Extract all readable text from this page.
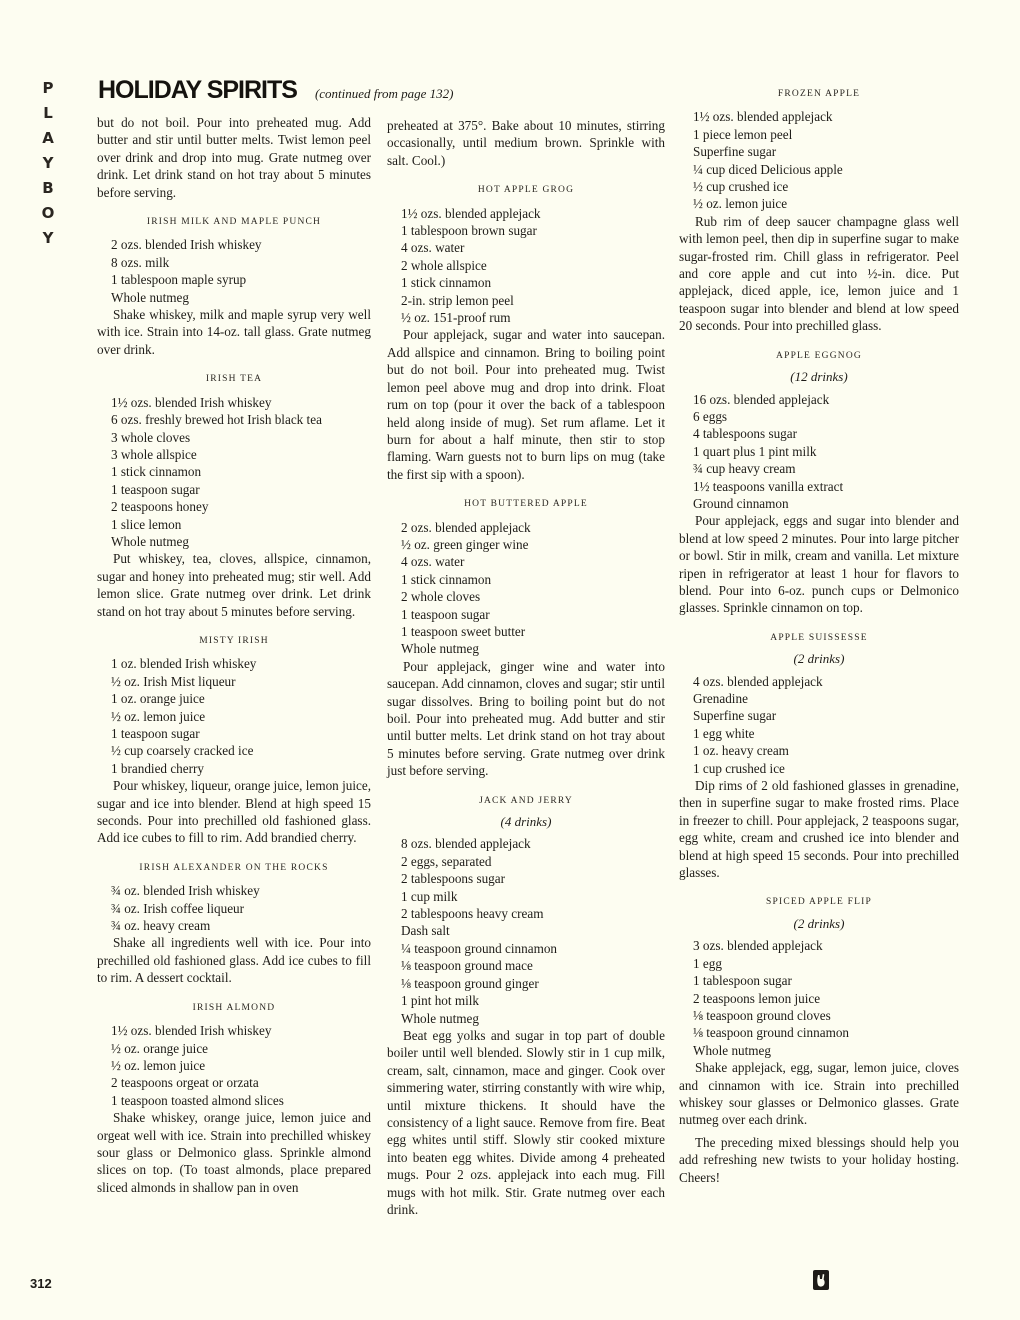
P
L
A
Y
B
O
Y
HOLIDAY SPIRITS (continued from page 132)

but do not boil. Pour into preheated mug. Add butter and stir until butter melts. Twist lemon peel over drink and drop into mug. Grate nutmeg over drink. Let drink stand on hot tray about 5 minutes before serving.

IRISH MILK AND MAPLE PUNCH
2 ozs. blended Irish whiskey
8 ozs. milk
1 tablespoon maple syrup
Whole nutmeg

Shake whiskey, milk and maple syrup very well with ice. Strain into 14-oz. tall glass. Grate nutmeg over drink.

IRISH TEA
1½ ozs. blended Irish whiskey
6 ozs. freshly brewed hot Irish black tea
3 whole cloves
3 whole allspice
1 stick cinnamon
1 teaspoon sugar
2 teaspoons honey
1 slice lemon
Whole nutmeg

Put whiskey, tea, cloves, allspice, cinnamon, sugar and honey into preheated mug; stir well. Add lemon slice. Grate nutmeg over drink. Let drink stand on hot tray about 5 minutes before serving.

MISTY IRISH
1 oz. blended Irish whiskey
½ oz. Irish Mist liqueur
1 oz. orange juice
½ oz. lemon juice
1 teaspoon sugar
½ cup coarsely cracked ice
1 brandied cherry

Pour whiskey, liqueur, orange juice, lemon juice, sugar and ice into blender. Blend at high speed 15 seconds. Pour into prechilled old fashioned glass. Add ice cubes to fill to rim. Add brandied cherry.

IRISH ALEXANDER ON THE ROCKS
¾ oz. blended Irish whiskey
¾ oz. Irish coffee liqueur
¾ oz. heavy cream

Shake all ingredients well with ice. Pour into prechilled old fashioned glass. Add ice cubes to fill to rim. A dessert cocktail.

IRISH ALMOND
1½ ozs. blended Irish whiskey
½ oz. orange juice
½ oz. lemon juice
2 teaspoons orgeat or orzata
1 teaspoon toasted almond slices

Shake whiskey, orange juice, lemon juice and orgeat well with ice. Strain into prechilled whiskey sour glass or Delmonico glass. Sprinkle almond slices on top. (To toast almonds, place prepared sliced almonds in shallow pan in oven

preheated at 375°. Bake about 10 minutes, stirring occasionally, until medium brown. Sprinkle with salt. Cool.)

HOT APPLE GROG
1½ ozs. blended applejack
1 tablespoon brown sugar
4 ozs. water
2 whole allspice
1 stick cinnamon
2-in. strip lemon peel
½ oz. 151-proof rum

Pour applejack, sugar and water into saucepan. Add allspice and cinnamon. Bring to boiling point but do not boil. Pour into preheated mug. Twist lemon peel above mug and drop into drink. Float rum on top (pour it over the back of a tablespoon held along inside of mug). Set rum aflame. Let it burn for about a half minute, then stir to stop flaming. Warn guests not to burn lips on mug (take the first sip with a spoon).

HOT BUTTERED APPLE
2 ozs. blended applejack
½ oz. green ginger wine
4 ozs. water
1 stick cinnamon
2 whole cloves
1 teaspoon sugar
1 teaspoon sweet butter
Whole nutmeg

Pour applejack, ginger wine and water into saucepan. Add cinnamon, cloves and sugar; stir until sugar dissolves. Bring to boiling point but do not boil. Pour into preheated mug. Add butter and stir until butter melts. Let drink stand on hot tray about 5 minutes before serving. Grate nutmeg over drink just before serving.

JACK AND JERRY
(4 drinks)
8 ozs. blended applejack
2 eggs, separated
2 tablespoons sugar
1 cup milk
2 tablespoons heavy cream
Dash salt
¼ teaspoon ground cinnamon
⅛ teaspoon ground mace
⅛ teaspoon ground ginger
1 pint hot milk
Whole nutmeg

Beat egg yolks and sugar in top part of double boiler until well blended. Slowly stir in 1 cup milk, cream, salt, cinnamon, mace and ginger. Cook over simmering water, stirring constantly with wire whip, until mixture thickens. It should have the consistency of a light sauce. Remove from fire. Beat egg whites until stiff. Slowly stir cooked mixture into beaten egg whites. Divide among 4 preheated mugs. Pour 2 ozs. applejack into each mug. Fill mugs with hot milk. Stir. Grate nutmeg over each drink.

FROZEN APPLE
1½ ozs. blended applejack
1 piece lemon peel
Superfine sugar
¼ cup diced Delicious apple
½ cup crushed ice
½ oz. lemon juice

Rub rim of deep saucer champagne glass well with lemon peel, then dip in superfine sugar to make sugar-frosted rim. Chill glass in refrigerator. Peel and core apple and cut into ½-in. dice. Put applejack, diced apple, ice, lemon juice and 1 teaspoon sugar into blender and blend at low speed 20 seconds. Pour into prechilled glass.

APPLE EGGNOG
(12 drinks)
16 ozs. blended applejack
6 eggs
4 tablespoons sugar
1 quart plus 1 pint milk
¾ cup heavy cream
1½ teaspoons vanilla extract
Ground cinnamon

Pour applejack, eggs and sugar into blender and blend at low speed 2 minutes. Pour into large pitcher or bowl. Stir in milk, cream and vanilla. Let mixture ripen in refrigerator at least 1 hour for flavors to blend. Pour into 6-oz. punch cups or Delmonico glasses. Sprinkle cinnamon on top.

APPLE SUISSESSE
(2 drinks)
4 ozs. blended applejack
Grenadine
Superfine sugar
1 egg white
1 oz. heavy cream
1 cup crushed ice

Dip rims of 2 old fashioned glasses in grenadine, then in superfine sugar to make frosted rims. Place in freezer to chill. Pour applejack, 2 teaspoons sugar, egg white, cream and crushed ice into blender and blend at high speed 15 seconds. Pour into prechilled glasses.

SPICED APPLE FLIP
(2 drinks)
3 ozs. blended applejack
1 egg
1 tablespoon sugar
2 teaspoons lemon juice
⅛ teaspoon ground cloves
⅛ teaspoon ground cinnamon
Whole nutmeg

Shake applejack, egg, sugar, lemon juice, cloves and cinnamon with ice. Strain into prechilled whiskey sour glasses or Delmonico glasses. Grate nutmeg over each drink.

The preceding mixed blessings should help you add refreshing new twists to your holiday hosting. Cheers!

312
